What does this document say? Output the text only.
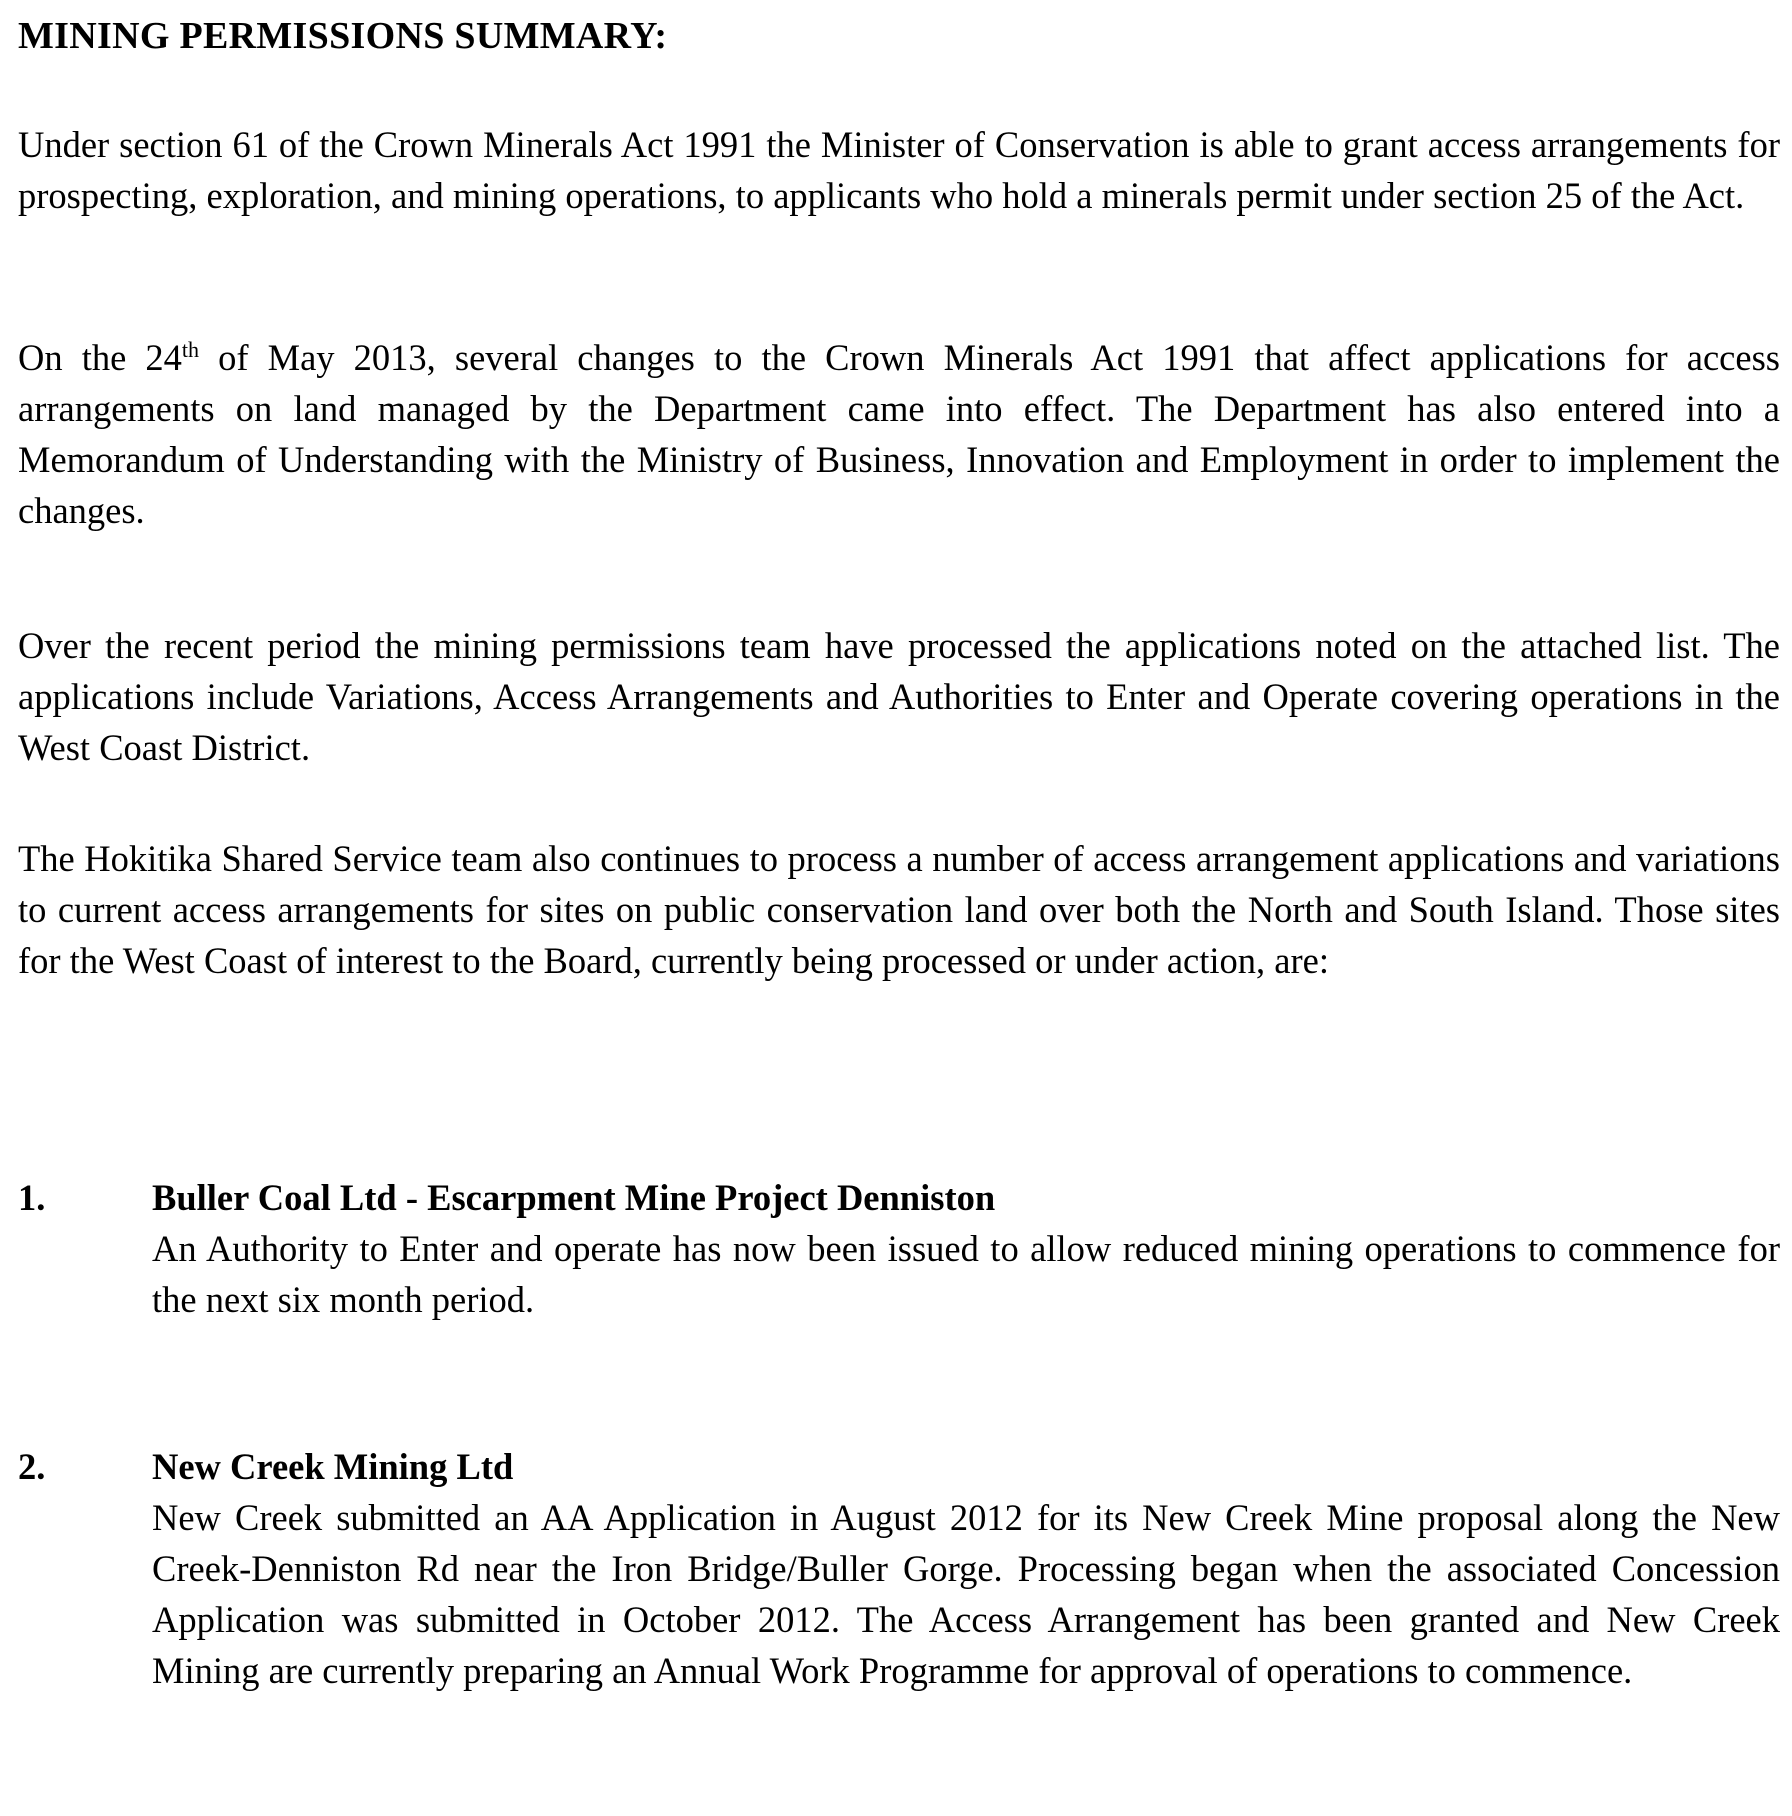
MINING PERMISSIONS SUMMARY:
Under section 61 of the Crown Minerals Act 1991 the Minister of Conservation is able to grant access arrangements for prospecting, exploration, and mining operations, to applicants who hold a minerals permit under section 25 of the Act.
On the 24th of May 2013, several changes to the Crown Minerals Act 1991 that affect applications for access arrangements on land managed by the Department came into effect. The Department has also entered into a Memorandum of Understanding with the Ministry of Business, Innovation and Employment in order to implement the changes.
Over the recent period the mining permissions team have processed the applications noted on the attached list. The applications include Variations, Access Arrangements and Authorities to Enter and Operate covering operations in the West Coast District.
The Hokitika Shared Service team also continues to process a number of access arrangement applications and variations to current access arrangements for sites on public conservation land over both the North and South Island. Those sites for the West Coast of interest to the Board, currently being processed or under action, are:
1.	Buller Coal Ltd - Escarpment Mine Project Denniston
An Authority to Enter and operate has now been issued to allow reduced mining operations to commence for the next six month period.
2.	New Creek Mining Ltd
New Creek submitted an AA Application in August 2012 for its New Creek Mine proposal along the New Creek-Denniston Rd near the Iron Bridge/Buller Gorge. Processing began when the associated Concession Application was submitted in October 2012. The Access Arrangement has been granted and New Creek Mining are currently preparing an Annual Work Programme for approval of operations to commence.
